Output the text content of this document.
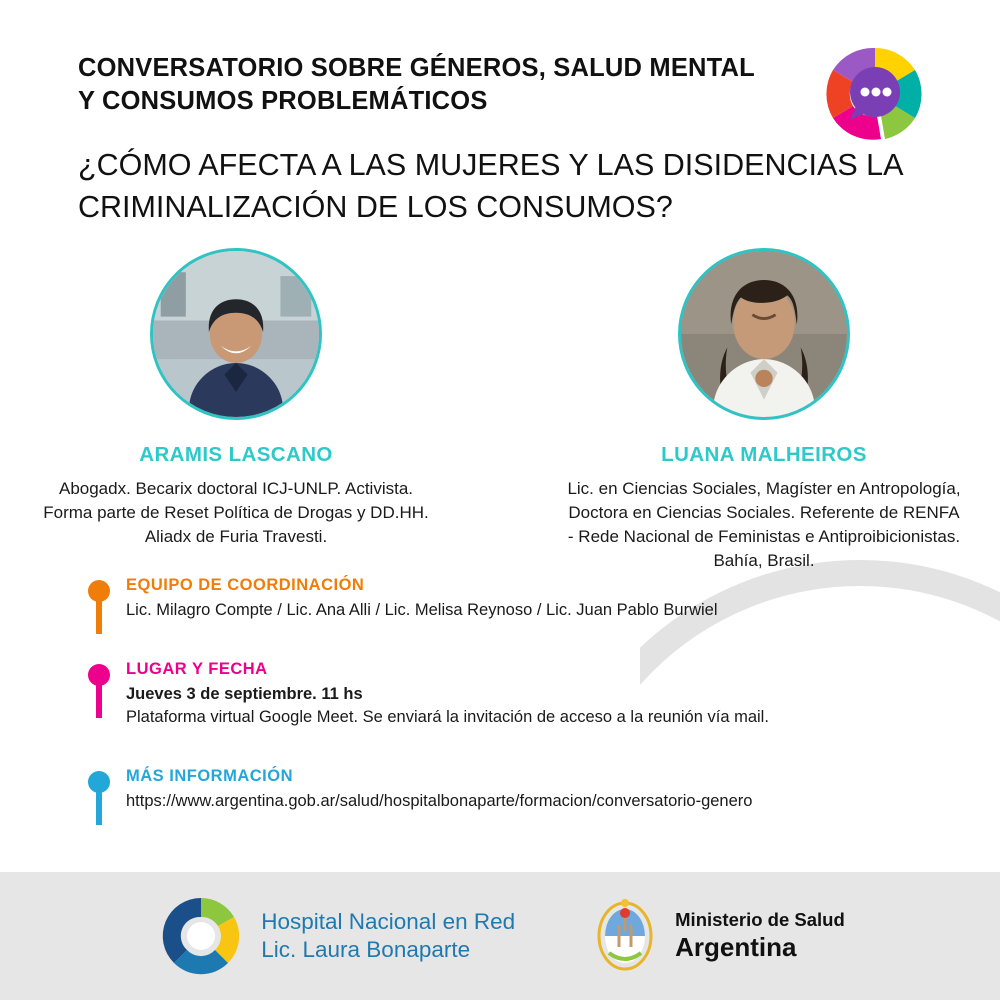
CONVERSATORIO SOBRE GÉNEROS, SALUD MENTAL Y CONSUMOS PROBLEMÁTICOS
¿CÓMO AFECTA A LAS MUJERES Y LAS DISIDENCIAS LA CRIMINALIZACIÓN DE LOS CONSUMOS?
ARAMIS LASCANO
Abogadx. Becarix doctoral ICJ-UNLP. Activista. Forma parte de Reset Política de Drogas y DD.HH. Aliadx de Furia Travesti.
LUANA MALHEIROS
Lic. en Ciencias Sociales, Magíster en Antropología, Doctora en Ciencias Sociales. Referente de RENFA - Rede Nacional de Feministas e Antiproibicionistas. Bahía, Brasil.
EQUIPO DE COORDINACIÓN
Lic. Milagro Compte / Lic. Ana Alli / Lic. Melisa Reynoso / Lic. Juan Pablo Burwiel
LUGAR Y FECHA
Jueves 3 de septiembre. 11 hs
Plataforma virtual Google Meet. Se enviará la invitación de acceso a la reunión vía mail.
MÁS INFORMACIÓN
https://www.argentina.gob.ar/salud/hospitalbonaparte/formacion/conversatorio-genero
Hospital Nacional en Red
Lic. Laura Bonaparte
Ministerio de Salud
Argentina
